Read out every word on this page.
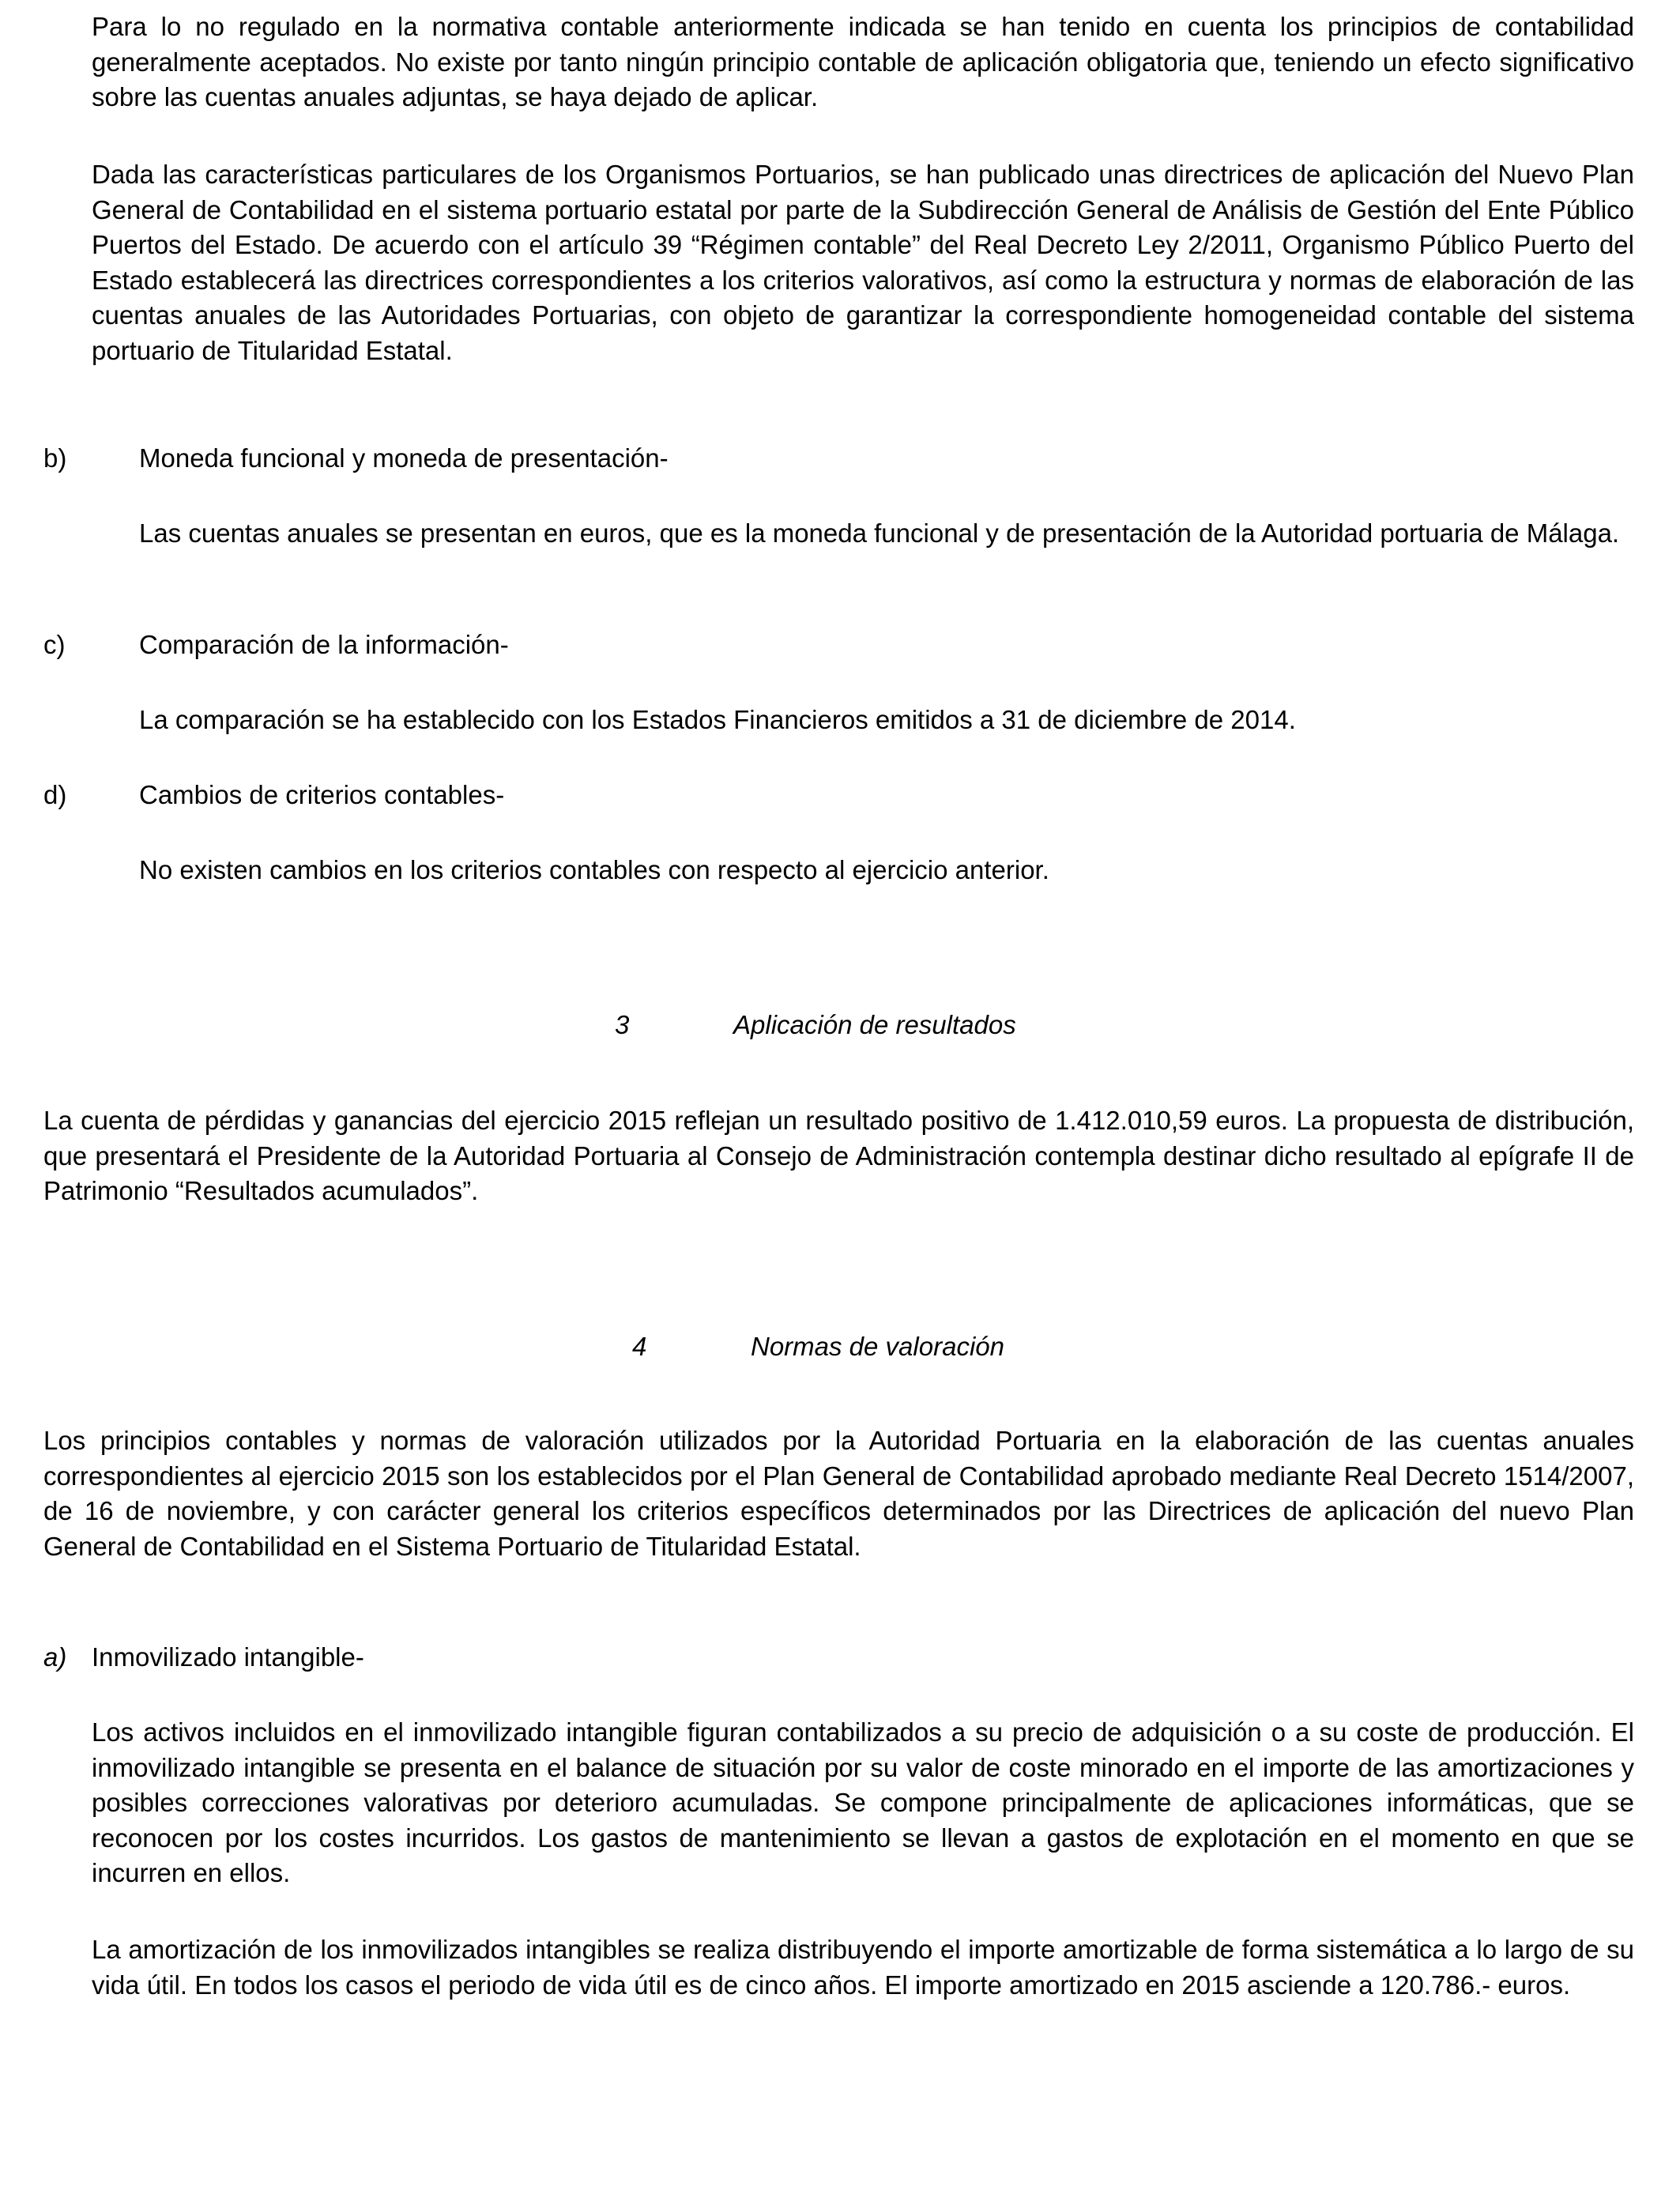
Para lo no regulado en la normativa contable anteriormente indicada se han tenido en cuenta los principios de contabilidad generalmente aceptados. No existe por tanto ningún principio contable de aplicación obligatoria que, teniendo un efecto significativo sobre las cuentas anuales adjuntas, se haya dejado de aplicar.

Dada las características particulares de los Organismos Portuarios, se han publicado unas directrices de aplicación del Nuevo Plan General de Contabilidad en el sistema portuario estatal por parte de la Subdirección General de Análisis de Gestión del Ente Público Puertos del Estado. De acuerdo con el artículo 39 “Régimen contable” del Real Decreto Ley 2/2011, Organismo Público Puerto del Estado establecerá las directrices correspondientes a los criterios valorativos, así como la estructura y normas de elaboración de las cuentas anuales de las Autoridades Portuarias, con objeto de garantizar la correspondiente homogeneidad contable del sistema portuario de Titularidad Estatal.

b)	Moneda funcional y moneda de presentación-

Las cuentas anuales se presentan en euros, que es la moneda funcional y de presentación de la Autoridad portuaria de Málaga.

c)	Comparación de la información-

La comparación se ha establecido con los Estados Financieros emitidos a 31 de diciembre de 2014.

d)	Cambios de criterios contables-

No existen cambios en los criterios contables con respecto al ejercicio anterior.

3	Aplicación de resultados

La cuenta de pérdidas y ganancias del ejercicio 2015 reflejan un resultado positivo de 1.412.010,59 euros. La propuesta de distribución, que presentará el Presidente de la Autoridad Portuaria al Consejo de Administración contempla destinar dicho resultado al epígrafe II de Patrimonio “Resultados acumulados”.

4	Normas de valoración

Los principios contables y normas de valoración utilizados por la Autoridad Portuaria en la elaboración de las cuentas anuales correspondientes al ejercicio 2015 son los establecidos por el Plan General de Contabilidad aprobado mediante Real Decreto 1514/2007, de 16 de noviembre, y con carácter general los criterios específicos determinados por las Directrices de aplicación del nuevo Plan General de Contabilidad en el Sistema Portuario de Titularidad Estatal.

a) Inmovilizado intangible-

Los activos incluidos en el inmovilizado intangible figuran contabilizados a su precio de adquisición o a su coste de producción. El inmovilizado intangible se presenta en el balance de situación por su valor de coste minorado en el importe de las amortizaciones y posibles correcciones valorativas por deterioro acumuladas. Se compone principalmente de aplicaciones informáticas, que se reconocen por los costes incurridos. Los gastos de mantenimiento se llevan a gastos de explotación en el momento en que se incurren en ellos.

La amortización de los inmovilizados intangibles se realiza distribuyendo el importe amortizable de forma sistemática a lo largo de su vida útil. En todos los casos el periodo de vida útil es de cinco años. El importe amortizado en 2015 asciende a 120.786.- euros.
